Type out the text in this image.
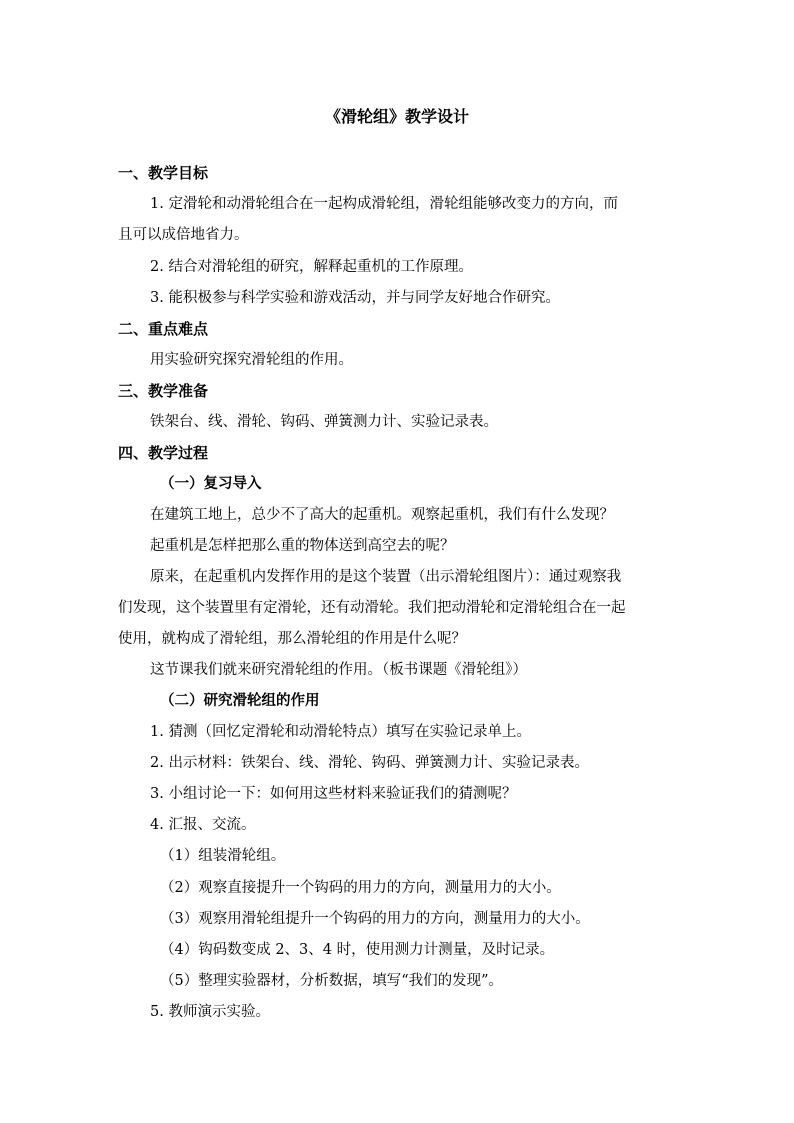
《滑轮组》教学设计
一、教学目标
1. 定滑轮和动滑轮组合在一起构成滑轮组，滑轮组能够改变力的方向，而
且可以成倍地省力。
2. 结合对滑轮组的研究，解释起重机的工作原理。
3. 能积极参与科学实验和游戏活动，并与同学友好地合作研究。
二、重点难点
用实验研究探究滑轮组的作用。
三、教学准备
铁架台、线、滑轮、钩码、弹簧测力计、实验记录表。
四、教学过程
（一）复习导入
在建筑工地上，总少不了高大的起重机。观察起重机，我们有什么发现？
起重机是怎样把那么重的物体送到高空去的呢？
原来，在起重机内发挥作用的是这个装置（出示滑轮组图片）：通过观察我
们发现，这个装置里有定滑轮，还有动滑轮。我们把动滑轮和定滑轮组合在一起
使用，就构成了滑轮组，那么滑轮组的作用是什么呢？
这节课我们就来研究滑轮组的作用。（板书课题《滑轮组》）
（二）研究滑轮组的作用
1. 猜测（回忆定滑轮和动滑轮特点）填写在实验记录单上。
2. 出示材料：铁架台、线、滑轮、钩码、弹簧测力计、实验记录表。
3. 小组讨论一下：如何用这些材料来验证我们的猜测呢？
4. 汇报、交流。
（1）组装滑轮组。
（2）观察直接提升一个钩码的用力的方向，测量用力的大小。
（3）观察用滑轮组提升一个钩码的用力的方向，测量用力的大小。
（4）钩码数变成 2、3、4 时，使用测力计测量，及时记录。
（5）整理实验器材，分析数据，填写“我们的发现”。
5. 教师演示实验。
